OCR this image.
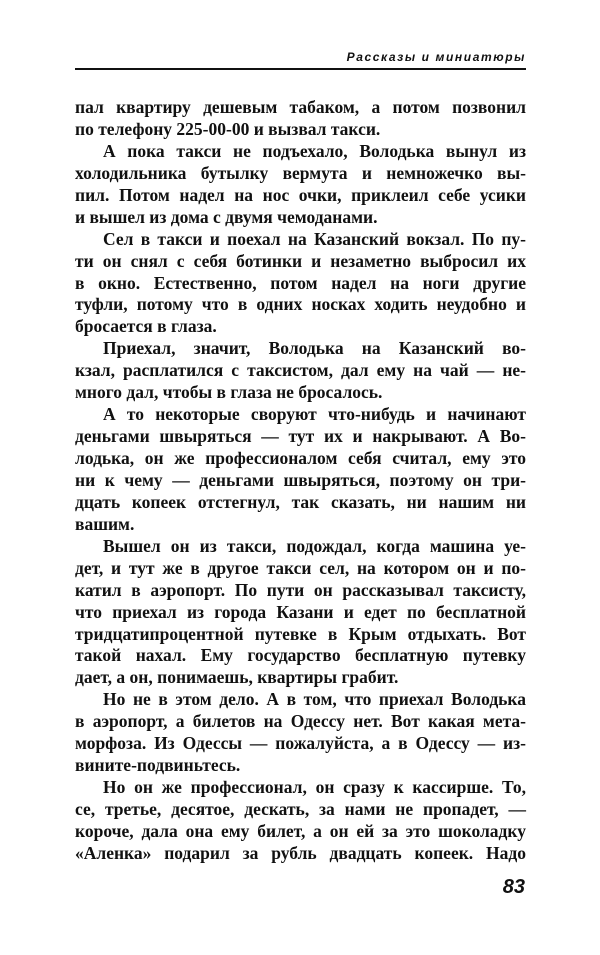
Рассказы и миниатюры
пал квартиру дешевым табаком, а потом позвонил
по телефону 225-00-00 и вызвал такси.
А пока такси не подъехало, Володька вынул из
холодильника бутылку вермута и немножечко вы-
пил. Потом надел на нос очки, приклеил себе усики
и вышел из дома с двумя чемоданами.
Сел в такси и поехал на Казанский вокзал. По пу-
ти он снял с себя ботинки и незаметно выбросил их
в окно. Естественно, потом надел на ноги другие
туфли, потому что в одних носках ходить неудобно и
бросается в глаза.
Приехал, значит, Володька на Казанский во-
кзал, расплатился с таксистом, дал ему на чай — не-
много дал, чтобы в глаза не бросалось.
А то некоторые своруют что-нибудь и начинают
деньгами швыряться — тут их и накрывают. А Во-
лодька, он же профессионалом себя считал, ему это
ни к чему — деньгами швыряться, поэтому он три-
дцать копеек отстегнул, так сказать, ни нашим ни
вашим.
Вышел он из такси, подождал, когда машина уе-
дет, и тут же в другое такси сел, на котором он и по-
катил в аэропорт. По пути он рассказывал таксисту,
что приехал из города Казани и едет по бесплатной
тридцатипроцентной путевке в Крым отдыхать. Вот
такой нахал. Ему государство бесплатную путевку
дает, а он, понимаешь, квартиры грабит.
Но не в этом дело. А в том, что приехал Володька
в аэропорт, а билетов на Одессу нет. Вот какая мета-
морфоза. Из Одессы — пожалуйста, а в Одессу — из-
вините-подвиньтесь.
Но он же профессионал, он сразу к кассирше. То,
се, третье, десятое, дескать, за нами не пропадет, —
короче, дала она ему билет, а он ей за это шоколадку
«Аленка» подарил за рубль двадцать копеек. Надо
83
